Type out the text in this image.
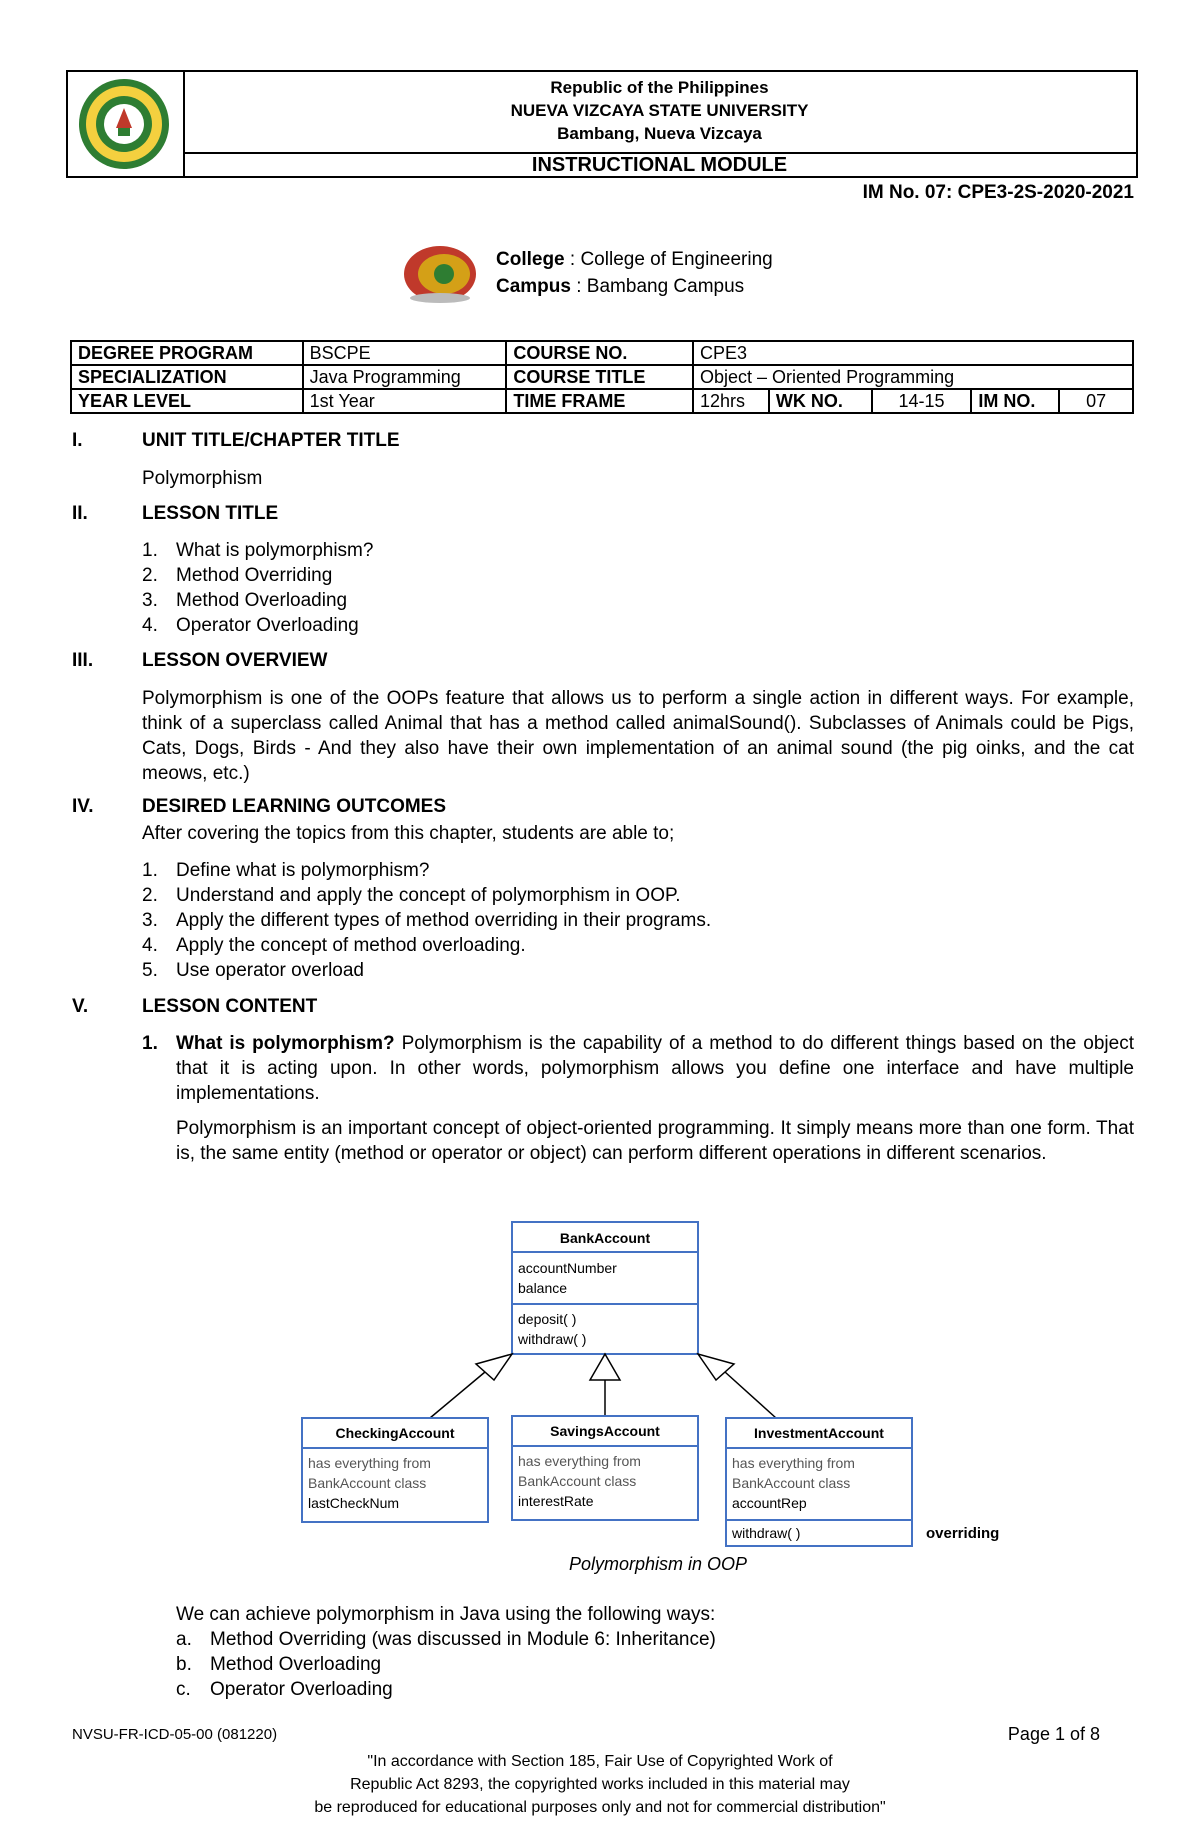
Republic of the Philippines
NUEVA VIZCAYA STATE UNIVERSITY
Bambang, Nueva Vizcaya
INSTRUCTIONAL MODULE
IM No. 07: CPE3-2S-2020-2021
College : College of Engineering
Campus : Bambang Campus
DEGREE PROGRAM	BSCPE	COURSE NO.	CPE3				
SPECIALIZATION	Java Programming	COURSE TITLE	Object – Oriented Programming				
YEAR LEVEL	1st Year	TIME FRAME	12hrs	WK NO.	14-15	IM NO.	07
I.	UNIT TITLE/CHAPTER TITLE
Polymorphism
II.	LESSON TITLE
1. What is polymorphism?
2. Method Overriding
3. Method Overloading
4. Operator Overloading
III.	LESSON OVERVIEW
Polymorphism is one of the OOPs feature that allows us to perform a single action in different ways. For example, think of a superclass called Animal that has a method called animalSound(). Subclasses of Animals could be Pigs, Cats, Dogs, Birds - And they also have their own implementation of an animal sound (the pig oinks, and the cat meows, etc.)
IV.	DESIRED LEARNING OUTCOMES
After covering the topics from this chapter, students are able to;
1. Define what is polymorphism?
2. Understand and apply the concept of polymorphism in OOP.
3. Apply the different types of method overriding in their programs.
4. Apply the concept of method overloading.
5. Use operator overload
V.	LESSON CONTENT
1. What is polymorphism? Polymorphism is the capability of a method to do different things based on the object that it is acting upon. In other words, polymorphism allows you define one interface and have multiple implementations.
Polymorphism is an important concept of object-oriented programming. It simply means more than one form. That is, the same entity (method or operator or object) can perform different operations in different scenarios.
BankAccount
accountNumber
balance
deposit( )
withdraw( )
CheckingAccount
has everything from
BankAccount class
lastCheckNum
SavingsAccount
has everything from
BankAccount class
interestRate
InvestmentAccount
has everything from
BankAccount class
accountRep
withdraw( )	overriding
Polymorphism in OOP
We can achieve polymorphism in Java using the following ways:
a. Method Overriding (was discussed in Module 6: Inheritance)
b. Method Overloading
c. Operator Overloading
NVSU-FR-ICD-05-00 (081220)	Page 1 of 8
"In accordance with Section 185, Fair Use of Copyrighted Work of
Republic Act 8293, the copyrighted works included in this material may
be reproduced for educational purposes only and not for commercial distribution"
